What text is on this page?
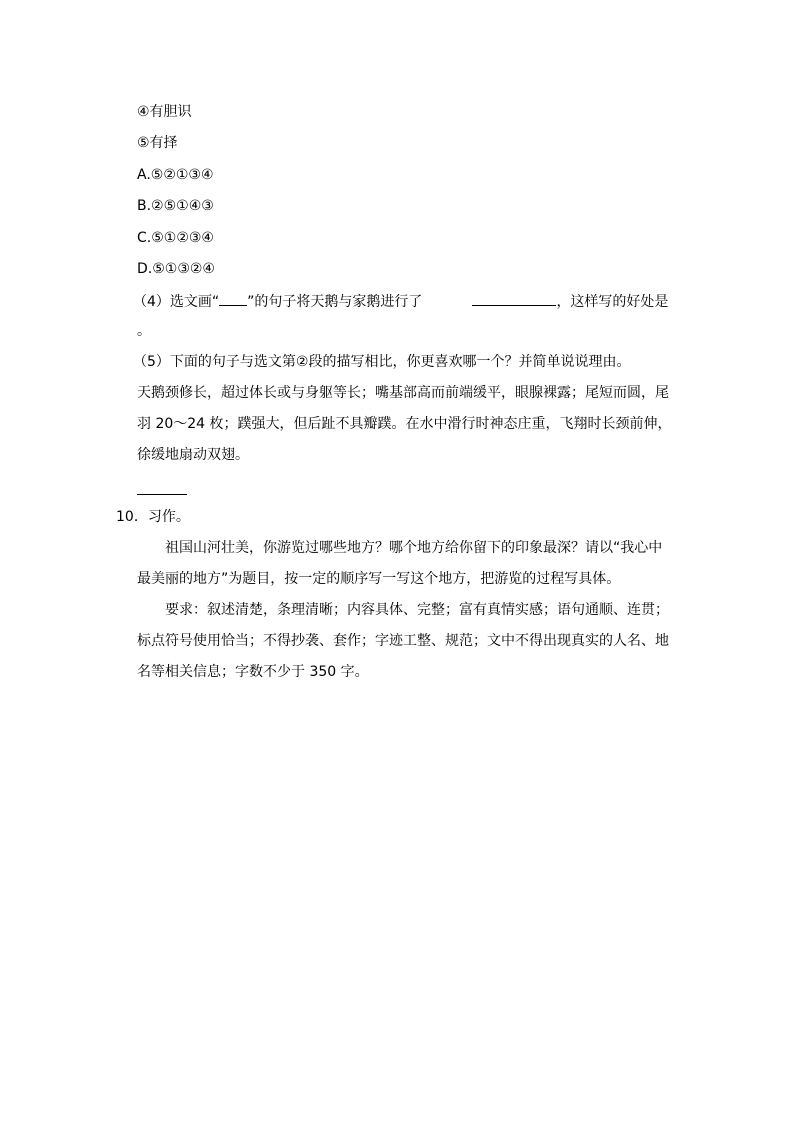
④有胆识
⑤有择
A.⑤②①③④
B.②⑤①④③
C.⑤①②③④
D.⑤①③②④
（4）选文画“ ”的句子将天鹅与家鹅进行了	，这样写的好处是
。
（5）下面的句子与选文第②段的描写相比，你更喜欢哪一个？并简单说说理由。
天鹅颈修长，超过体长或与身躯等长；嘴基部高而前端缓平，眼腺裸露；尾短而圆，尾
羽 20～24 枚；蹼强大，但后趾不具瓣蹼。在水中滑行时神态庄重，飞翔时长颈前伸，
徐缓地扇动双翅。
10．习作。
祖国山河壮美，你游览过哪些地方？哪个地方给你留下的印象最深？请以“我心中
最美丽的地方”为题目，按一定的顺序写一写这个地方，把游览的过程写具体。
要求：叙述清楚，条理清晰；内容具体、完整；富有真情实感；语句通顺、连贯；
标点符号使用恰当；不得抄袭、套作；字迹工整、规范；文中不得出现真实的人名、地
名等相关信息；字数不少于 350 字。
